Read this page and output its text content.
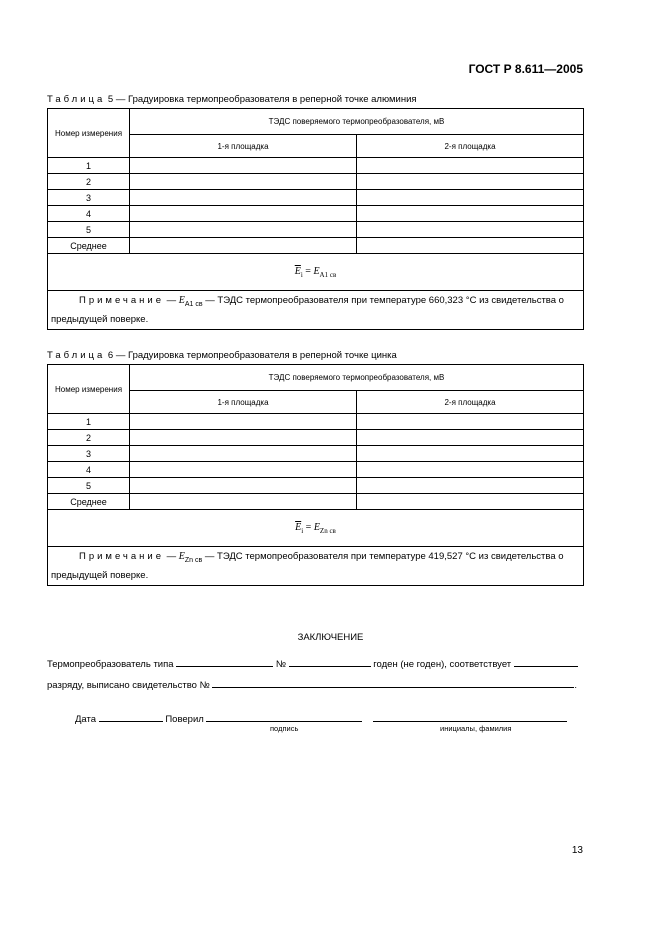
ГОСТ Р 8.611—2005
Таблица 5 — Градуировка термопреобразователя в реперной точке алюминия
Номер измерения	ТЭДС поверяемого термопреобразователя, мВ	
	1-я площадка	2-я площадка
1		
2		
3		
4		
5		
Среднее		
$\overline{E}_i = E_{A1 св}$
Примечание — $E_{A1 св}$ — ТЭДС термопреобразователя при температуре 660,323 °С из свидетельства о предыдущей поверке.		
Таблица 6 — Градуировка термопреобразователя в реперной точке цинка
Номер измерения	ТЭДС поверяемого термопреобразователя, мВ	
	1-я площадка	2-я площадка
1		
2		
3		
4		
5		
Среднее		
$\overline{E}_i = E_{Zn св}$
Примечание — $E_{Zn св}$ — ТЭДС термопреобразователя при температуре 419,527 °С из свидетельства о предыдущей поверке.		
ЗАКЛЮЧЕНИЕ
Термопреобразователь типа	№	годен (не годен), соответствует
разряду, выписано свидетельство №	.
Дата	Поверил
подпись	инициалы, фамилия
13
